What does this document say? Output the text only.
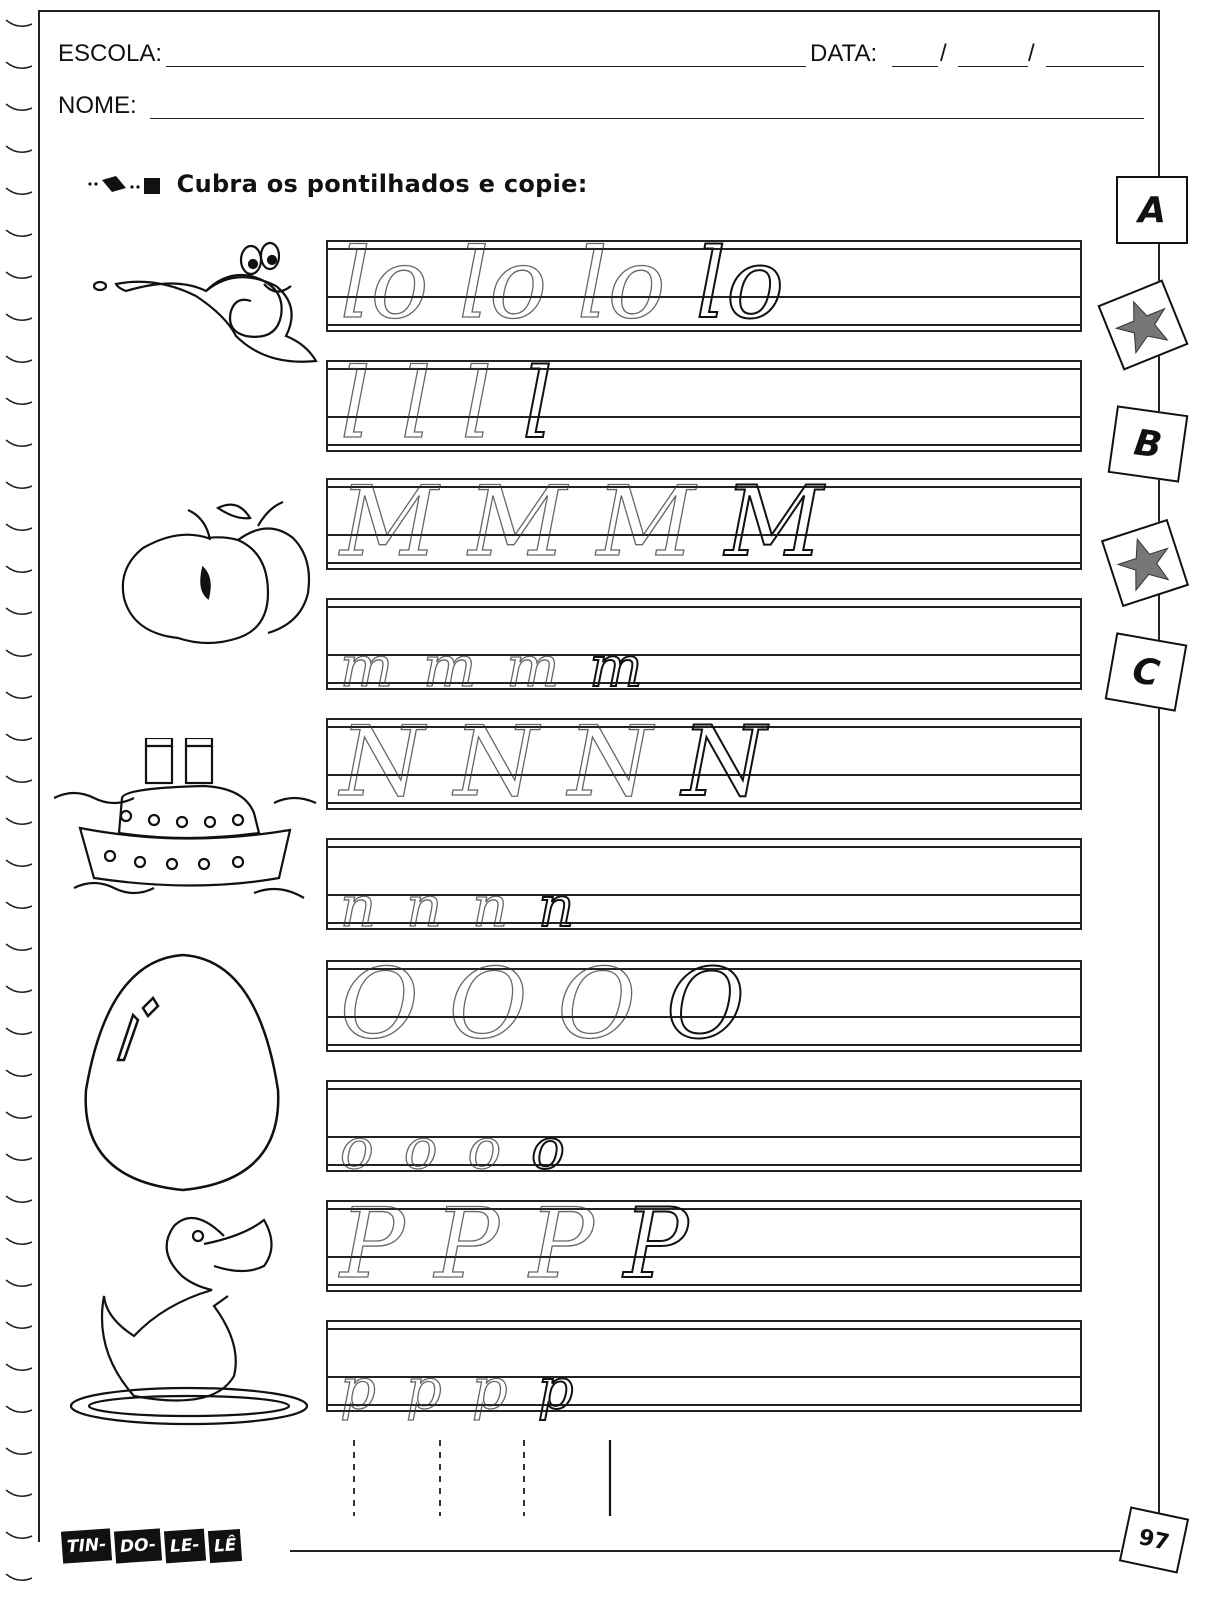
ESCOLA:	DATA:	/	/
NOME:
Cubra os pontilhados e copie:
A
B
C
lo lo lo lo
l l l l
M M M M
m m m m
N N N N
n n n n
O O O O
o o o o
P P P P
p p p p
TIN- DO- LE- LÊ	97
